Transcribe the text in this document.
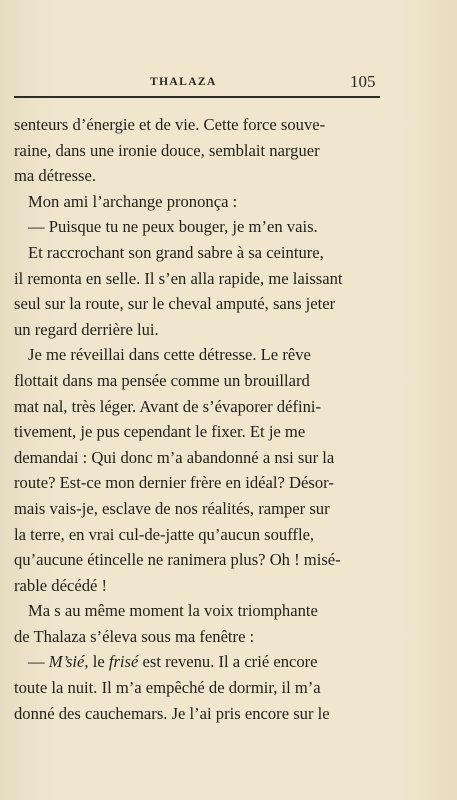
THALAZA	105
senteurs d’énergie et de vie. Cette force souve-
raine, dans une ironie douce, semblait narguer
ma détresse.
Mon ami l’archange prononça :
— Puisque tu ne peux bouger, je m’en vais.
Et raccrochant son grand sabre à sa ceinture,
il remonta en selle. Il s’en alla rapide, me laissant
seul sur la route, sur le cheval amputé, sans jeter
un regard derrière lui.
Je me réveillai dans cette détresse. Le rêve
flottait dans ma pensée comme un brouillard
mat nal, très léger. Avant de s’évaporer défini-
tivement, je pus cependant le fixer. Et je me
demandai : Qui donc m’a abandonné a nsi sur la
route? Est-ce mon dernier frère en idéal? Désor-
mais vais-je, esclave de nos réalités, ramper sur
la terre, en vrai cul-de-jatte qu’aucun souffle,
qu’aucune étincelle ne ranimera plus? Oh ! misé-
rable décédé !
Ma s au même moment la voix triomphante
de Thalaza s’éleva sous ma fenêtre :
— M’sié, le frisé est revenu. Il a crié encore
toute la nuit. Il m’a empêché de dormir, il m’a
donné des cauchemars. Je l’ai pris encore sur le
